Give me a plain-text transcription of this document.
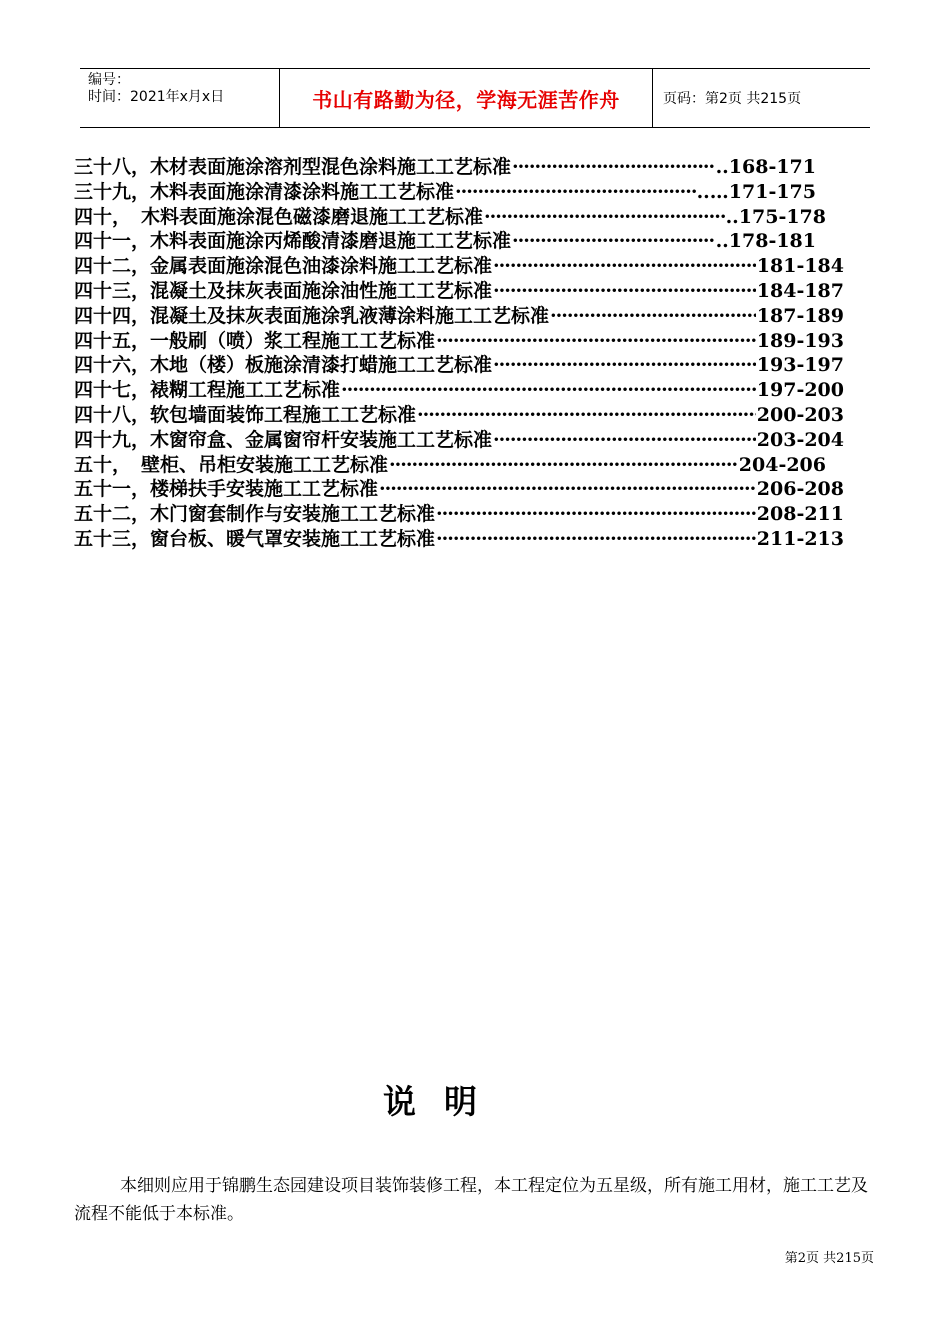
编号：
时间：2021年x月x日	书山有路勤为径，学海无涯苦作舟	页码：第2页 共215页
三十八， 木材表面施涂溶剂型混色涂料施工工艺标准 ·····	..168-171
三十九， 木料表面施涂清漆涂料施工工艺标准 ·····	..…171-175
四十， 木料表面施涂混色磁漆磨退施工工艺标准 ·····	..175-178
四十一， 木料表面施涂丙烯酸清漆磨退施工工艺标准 ·····	..178-181
四十二， 金属表面施涂混色油漆涂料施工工艺标准 ·····	181-184
四十三， 混凝土及抹灰表面施涂油性施工工艺标准 ·····	184-187
四十四， 混凝土及抹灰表面施涂乳液薄涂料施工工艺标准 ·····	187-189
四十五， 一般刷（喷）浆工程施工工艺标准 ·····	189-193
四十六， 木地（楼）板施涂清漆打蜡施工工艺标准 ·····	193-197
四十七， 裱糊工程施工工艺标准 ·····	197-200
四十八， 软包墙面装饰工程施工工艺标准 ·····	200-203
四十九， 木窗帘盒、金属窗帘杆安装施工工艺标准 ·····	203-204
五十， 壁柜、吊柜安装施工工艺标准 ·····	204-206
五十一， 楼梯扶手安装施工工艺标准 ·····	206-208
五十二， 木门窗套制作与安装施工工艺标准 ·····	208-211
五十三， 窗台板、暖气罩安装施工工艺标准 ·····	211-213
说明
本细则应用于锦鹏生态园建设项目装饰装修工程，本工程定位为五星级，所有施工用材，施工工艺及流程不能低于本标准。
第2页 共215页
